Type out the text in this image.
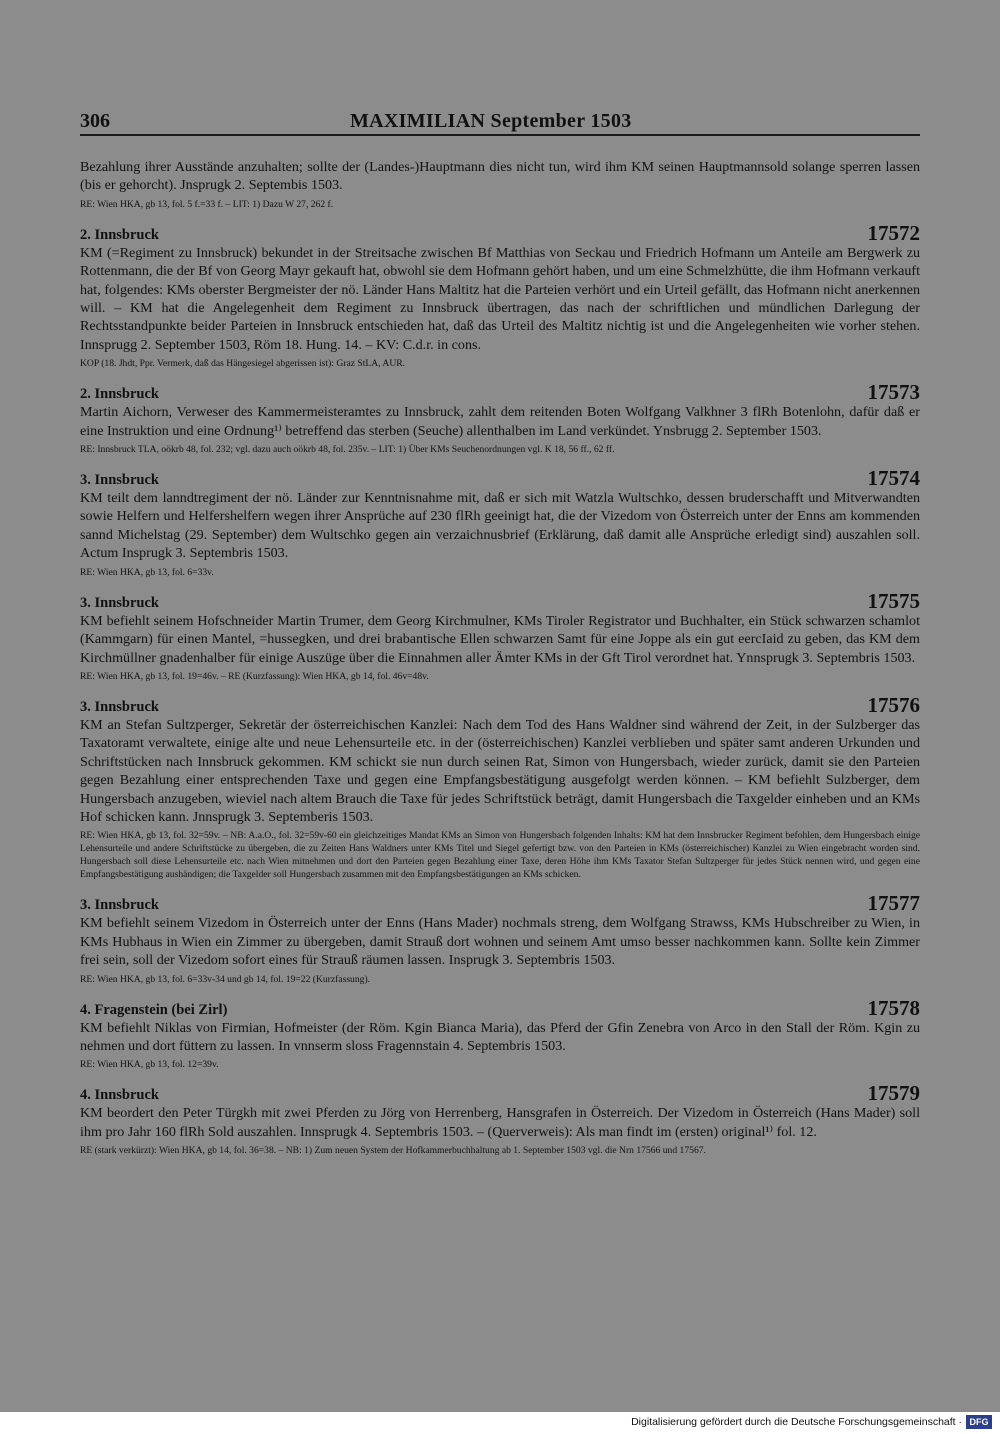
306	MAXIMILIAN September 1503

Bezahlung ihrer Ausstände anzuhalten; sollte der (Landes-)Hauptmann dies nicht tun, wird ihm KM seinen Hauptmannsold solange sperren lassen (bis er gehorcht). Jnsprugk 2. Septembis 1503.

RE: Wien HKA, gb 13, fol. 5 f.=33 f. – LIT: 1) Dazu W 27, 262 f.

2. Innsbruck	17572

KM (=Regiment zu Innsbruck) bekundet in der Streitsache zwischen Bf Matthias von Seckau und Friedrich Hofmann um Anteile am Bergwerk zu Rottenmann, die der Bf von Georg Mayr gekauft hat, obwohl sie dem Hofmann gehört haben, und um eine Schmelzhütte, die ihm Hofmann verkauft hat, folgendes: KMs oberster Bergmeister der nö. Länder Hans Maltitz hat die Parteien verhört und ein Urteil gefällt, das Hofmann nicht anerkennen will. – KM hat die Angelegenheit dem Regiment zu Innsbruck übertragen, das nach der schriftlichen und mündlichen Darlegung der Rechtsstandpunkte beider Parteien in Innsbruck entschieden hat, daß das Urteil des Maltitz nichtig ist und die Angelegenheiten wie vorher stehen. Innsprugg 2. September 1503, Röm 18. Hung. 14. – KV: C.d.r. in cons.

KOP (18. Jhdt, Ppr. Vermerk, daß das Hängesiegel abgerissen ist): Graz StLA, AUR.

2. Innsbruck	17573

Martin Aichorn, Verweser des Kammermeisteramtes zu Innsbruck, zahlt dem reitenden Boten Wolfgang Valkhner 3 flRh Botenlohn, dafür daß er eine Instruktion und eine Ordnung¹⁾ betreffend das sterben (Seuche) allenthalben im Land verkündet. Ynsbrugg 2. September 1503.

RE: Innsbruck TLA, oökrb 48, fol. 232; vgl. dazu auch oökrb 48, fol. 235v. – LIT: 1) Über KMs Seuchenordnungen vgl. K 18, 56 ff., 62 ff.

3. Innsbruck	17574

KM teilt dem lanndtregiment der nö. Länder zur Kenntnisnahme mit, daß er sich mit Watzla Wultschko, dessen bruderschafft und Mitverwandten sowie Helfern und Helfershelfern wegen ihrer Ansprüche auf 230 flRh geeinigt hat, die der Vizedom von Österreich unter der Enns am kommenden sannd Michelstag (29. September) dem Wultschko gegen ain verzaichnusbrief (Erklärung, daß damit alle Ansprüche erledigt sind) auszahlen soll. Actum Insprugk 3. Septembris 1503.

RE: Wien HKA, gb 13, fol. 6=33v.

3. Innsbruck	17575

KM befiehlt seinem Hofschneider Martin Trumer, dem Georg Kirchmulner, KMs Tiroler Registrator und Buchhalter, ein Stück schwarzen schamlot (Kammgarn) für einen Mantel, =hussegken, und drei brabantische Ellen schwarzen Samt für eine Joppe als ein gut eercIaid zu geben, das KM dem Kirchmüllner gnadenhalber für einige Auszüge über die Einnahmen aller Ämter KMs in der Gft Tirol verordnet hat. Ynnsprugk 3. Septembris 1503.

RE: Wien HKA, gb 13, fol. 19=46v. – RE (Kurzfassung): Wien HKA, gb 14, fol. 46v=48v.

3. Innsbruck	17576

KM an Stefan Sultzperger, Sekretär der österreichischen Kanzlei: Nach dem Tod des Hans Waldner sind während der Zeit, in der Sulzberger das Taxatoramt verwaltete, einige alte und neue Lehensurteile etc. in der (österreichischen) Kanzlei verblieben und später samt anderen Urkunden und Schriftstücken nach Innsbruck gekommen. KM schickt sie nun durch seinen Rat, Simon von Hungersbach, wieder zurück, damit sie den Parteien gegen Bezahlung einer entsprechenden Taxe und gegen eine Empfangsbestätigung ausgefolgt werden können. – KM befiehlt Sulzberger, dem Hungersbach anzugeben, wieviel nach altem Brauch die Taxe für jedes Schriftstück beträgt, damit Hungersbach die Taxgelder einheben und an KMs Hof schicken kann. Jnnsprugk 3. Septemberis 1503.

RE: Wien HKA, gb 13, fol. 32=59v. – NB: A.a.O., fol. 32=59v-60 ein gleichzeitiges Mandat KMs an Simon von Hungersbach folgenden Inhalts: KM hat dem Innsbrucker Regiment befohlen, dem Hungersbach einige Lehensurteile und andere Schriftstücke zu übergeben, die zu Zeiten Hans Waldners unter KMs Titel und Siegel gefertigt bzw. von den Parteien in KMs (österreichischer) Kanzlei zu Wien eingebracht worden sind. Hungersbach soll diese Lehensurteile etc. nach Wien mitnehmen und dort den Parteien gegen Bezahlung einer Taxe, deren Höhe ihm KMs Taxator Stefan Sultzperger für jedes Stück nennen wird, und gegen eine Empfangsbestätigung aushändigen; die Taxgelder soll Hungersbach zusammen mit den Empfangsbestätigungen an KMs schicken.

3. Innsbruck	17577

KM befiehlt seinem Vizedom in Österreich unter der Enns (Hans Mader) nochmals streng, dem Wolfgang Strawss, KMs Hubschreiber zu Wien, in KMs Hubhaus in Wien ein Zimmer zu übergeben, damit Strauß dort wohnen und seinem Amt umso besser nachkommen kann. Sollte kein Zimmer frei sein, soll der Vizedom sofort eines für Strauß räumen lassen. Insprugk 3. Septembris 1503.

RE: Wien HKA, gb 13, fol. 6=33v-34 und gb 14, fol. 19=22 (Kurzfassung).

4. Fragenstein (bei Zirl)	17578

KM befiehlt Niklas von Firmian, Hofmeister (der Röm. Kgin Bianca Maria), das Pferd der Gfin Zenebra von Arco in den Stall der Röm. Kgin zu nehmen und dort füttern zu lassen. In vnnserm sloss Fragennstain 4. Septembris 1503.

RE: Wien HKA, gb 13, fol. 12=39v.

4. Innsbruck	17579

KM beordert den Peter Türgkh mit zwei Pferden zu Jörg von Herrenberg, Hansgrafen in Österreich. Der Vizedom in Österreich (Hans Mader) soll ihm pro Jahr 160 flRh Sold auszahlen. Innsprugk 4. Septembris 1503. – (Querverweis): Als man findt im (ersten) original¹⁾ fol. 12.

RE (stark verkürzt): Wien HKA, gb 14, fol. 36=38. – NB: 1) Zum neuen System der Hofkammerbuchhaltung ab 1. September 1503 vgl. die Nrn 17566 und 17567.

Digitalisierung gefördert durch die Deutsche Forschungsgemeinschaft · DFG
